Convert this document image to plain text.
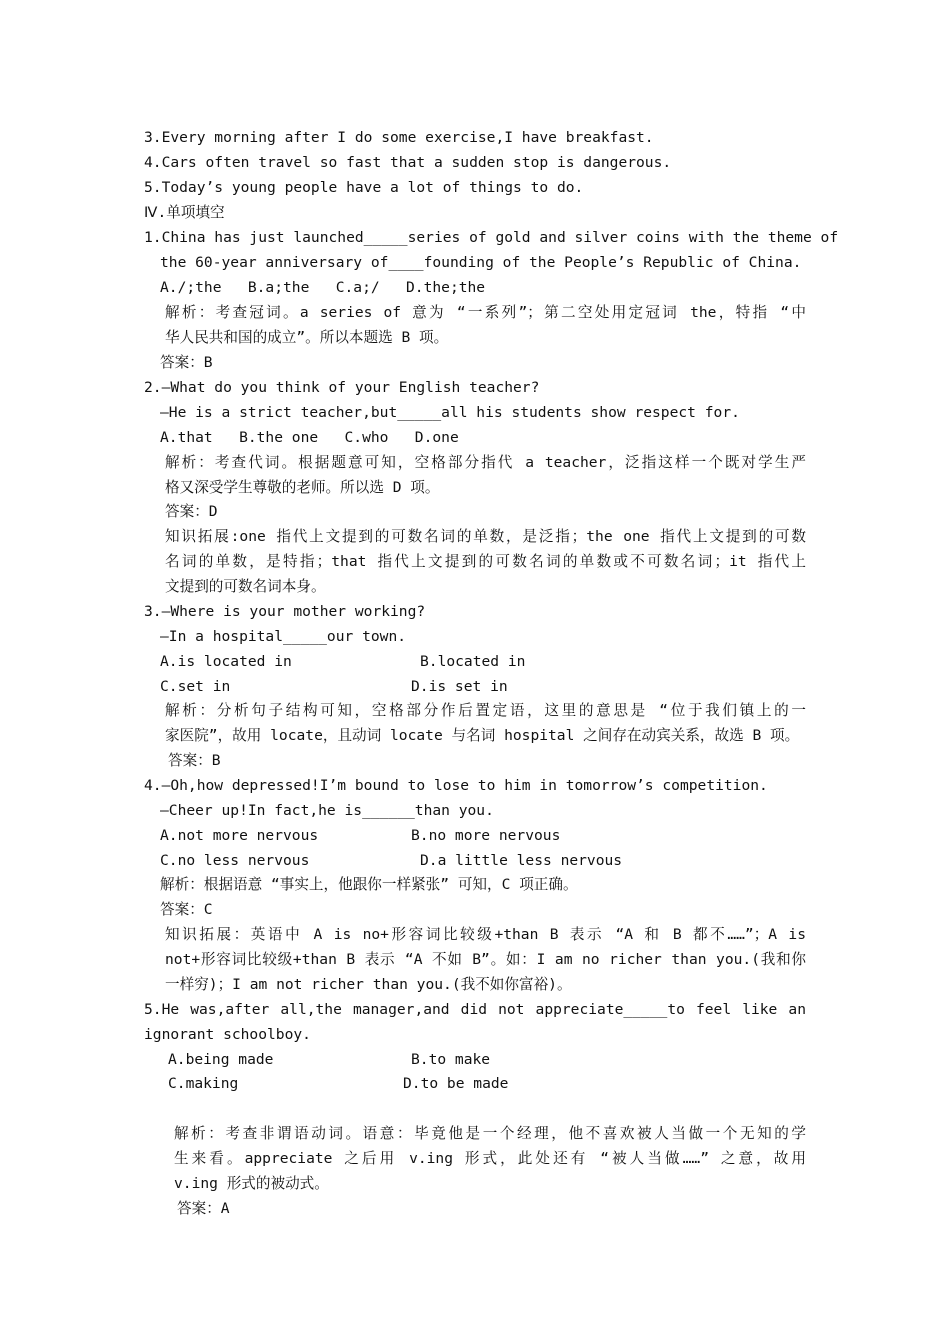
3.Every morning after I do some exercise,I have breakfast.
4.Cars often travel so fast that a sudden stop is dangerous.
5.Today’s young people have a lot of things to do.
Ⅳ.单项填空
1.China has just launched_____series of gold and silver coins with the theme of
the 60-year anniversary of____founding of the People’s Republic of China.
A./;the   B.a;the   C.a;/   D.the;the
解析：考查冠词。a series of 意为 “一系列”；第二空处用定冠词 the，特指 “中
华人民共和国的成立”。所以本题选 B 项。
答案：B
2.—What do you think of your English teacher?
—He is a strict teacher,but_____all his students show respect for.
A.that   B.the one   C.who   D.one
解析：考查代词。根据题意可知，空格部分指代 a teacher，泛指这样一个既对学生严
格又深受学生尊敬的老师。所以选 D 项。
答案：D
知识拓展:one 指代上文提到的可数名词的单数，是泛指；the one 指代上文提到的可数
名词的单数，是特指；that 指代上文提到的可数名词的单数或不可数名词；it 指代上
文提到的可数名词本身。
3.—Where is your mother working?
—In a hospital_____our town.
A.is located in	B.located in
C.set in	D.is set in
解析：分析句子结构可知，空格部分作后置定语，这里的意思是 “位于我们镇上的一
家医院”，故用 locate，且动词 locate 与名词 hospital 之间存在动宾关系，故选 B 项。
答案：B
4.—Oh,how depressed!I’m bound to lose to him in tomorrow’s competition.
—Cheer up!In fact,he is______than you.
A.not more nervous	B.no more nervous
C.no less nervous	D.a little less nervous
解析：根据语意 “事实上，他跟你一样紧张” 可知，C 项正确。
答案：C
知识拓展：英语中 A is no+形容词比较级+than B 表示 “A 和 B 都不……”；A is
not+形容词比较级+than B 表示 “A 不如 B”。如：I am no richer than you.(我和你
一样穷)；I am not richer than you.(我不如你富裕)。
5.He was,after all,the manager,and did not appreciate_____to feel like an
ignorant schoolboy.
A.being made	B.to make
C.making	D.to be made
解析：考查非谓语动词。语意：毕竟他是一个经理，他不喜欢被人当做一个无知的学
生来看。appreciate 之后用 v.ing 形式，此处还有 “被人当做……” 之意，故用
v.ing 形式的被动式。
答案：A
